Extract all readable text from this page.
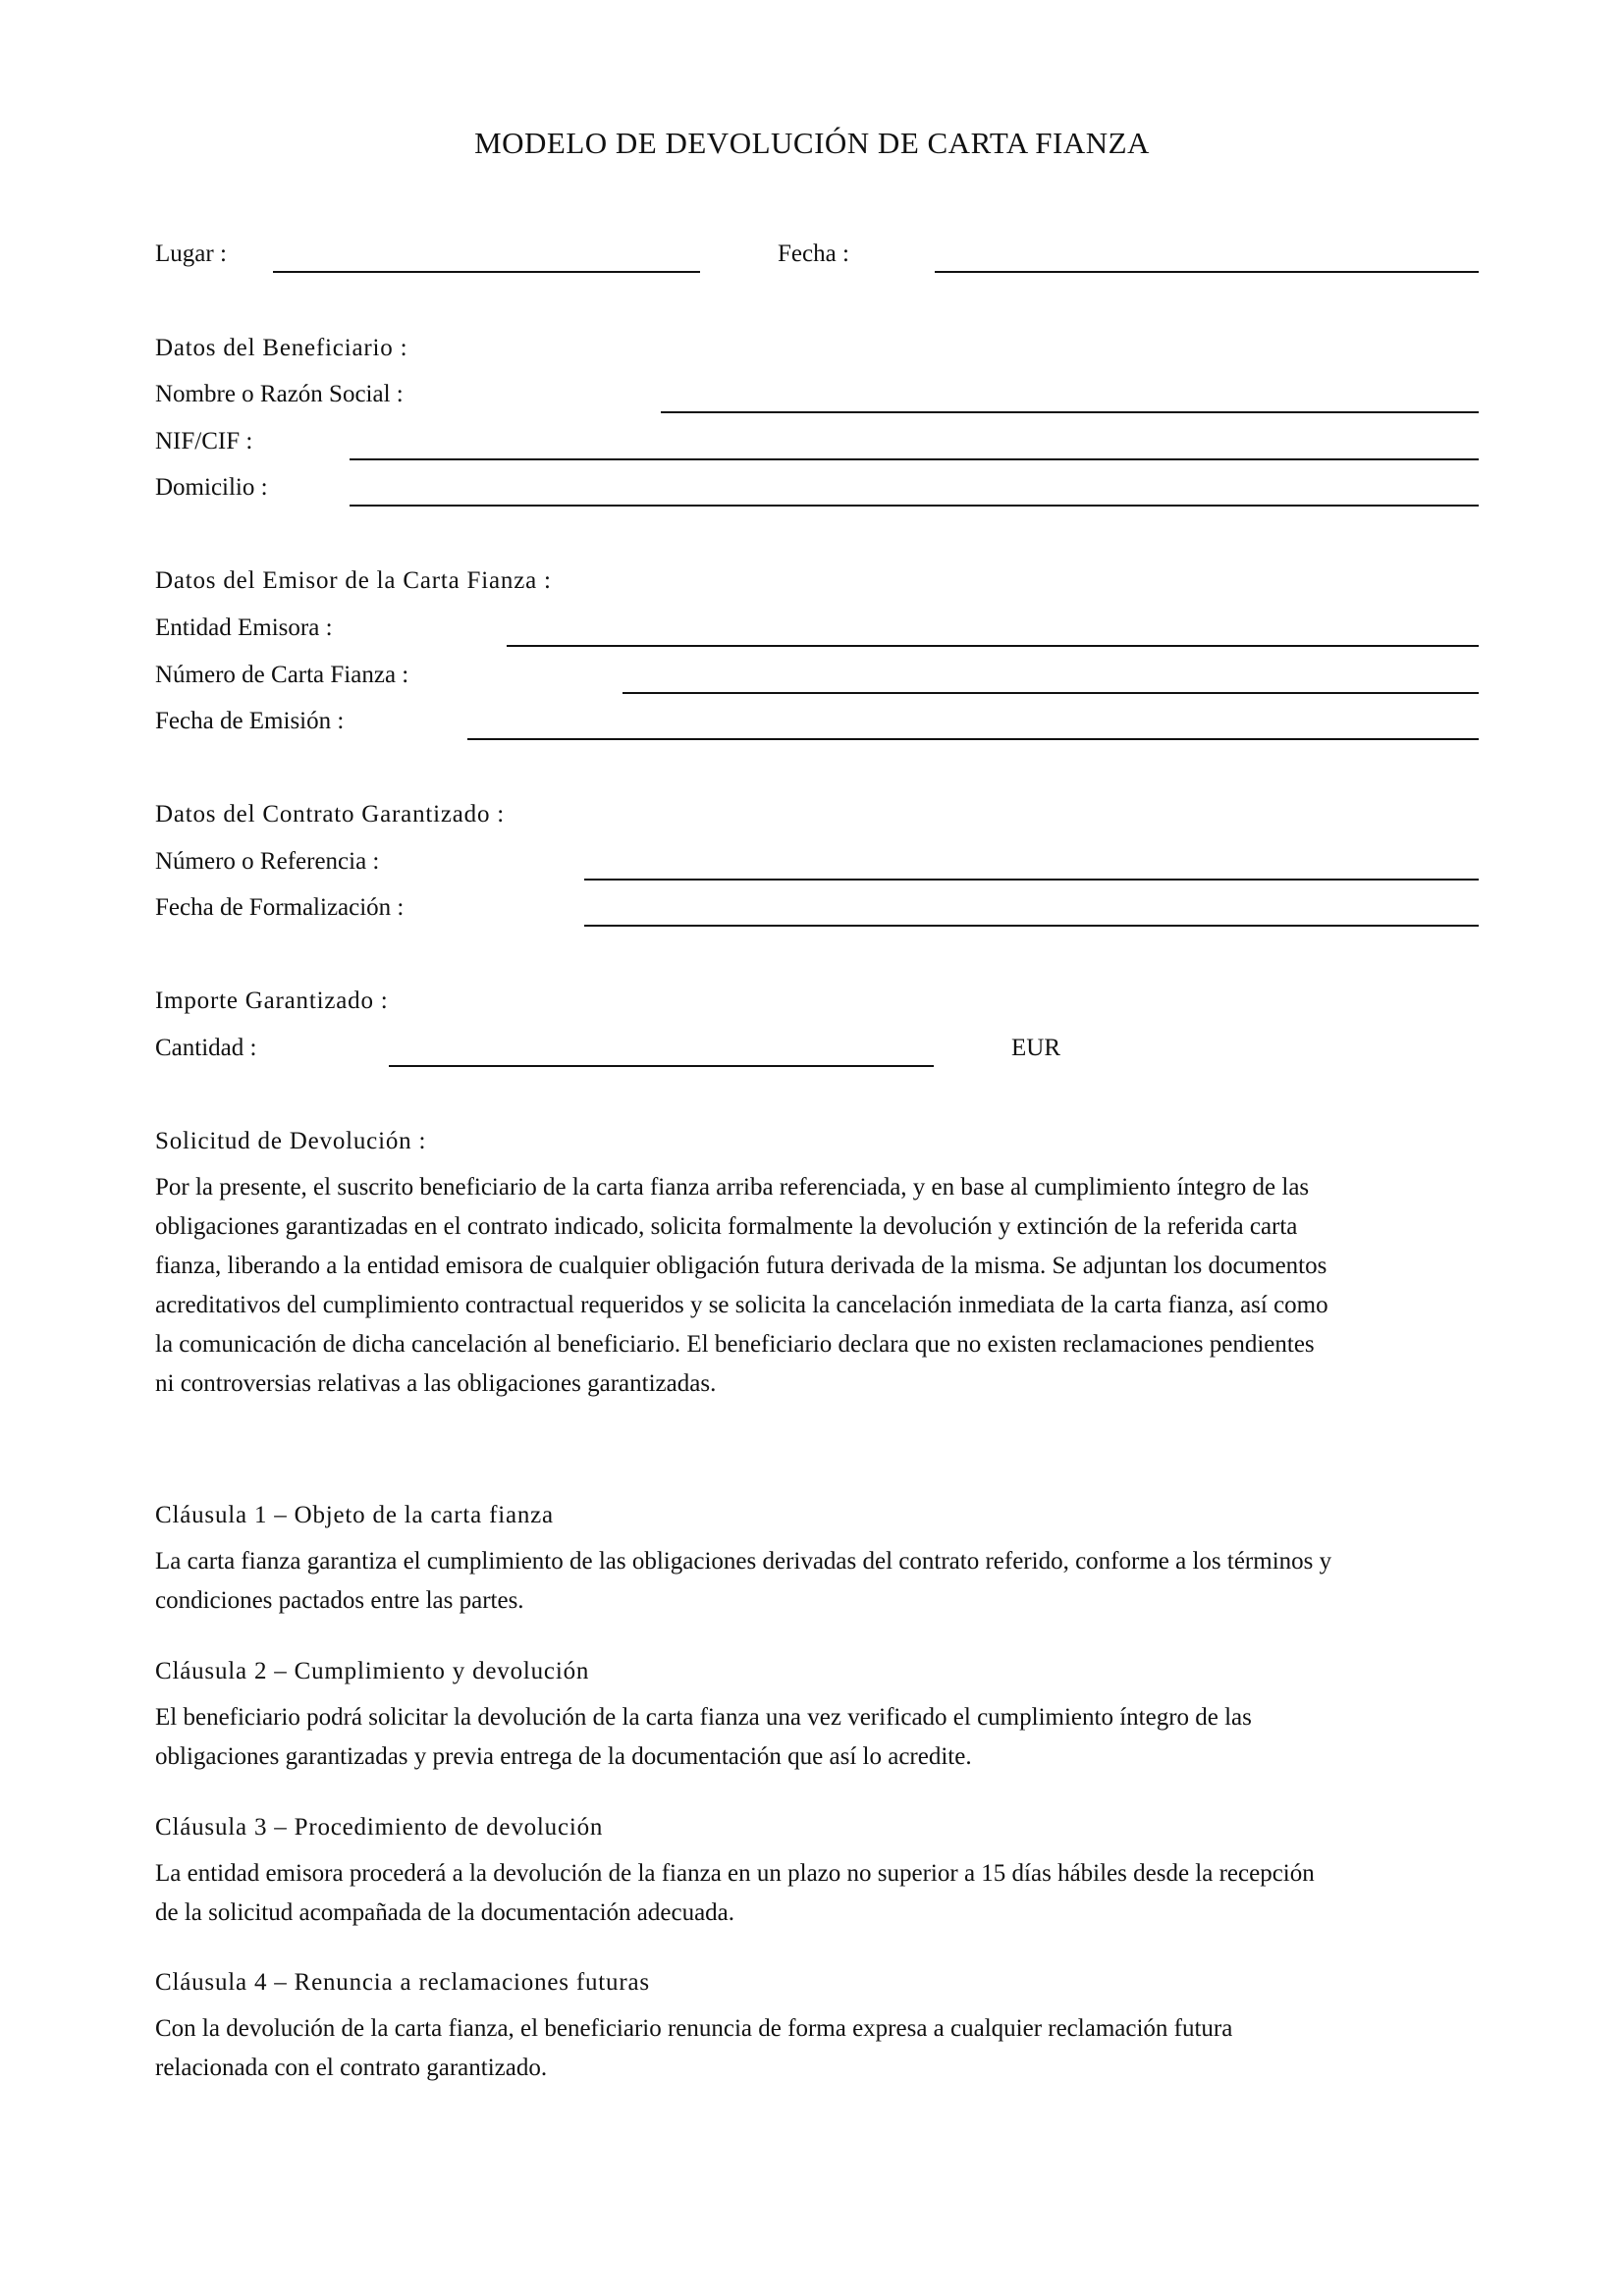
MODELO DE DEVOLUCIÓN DE CARTA FIANZA
Lugar :	Fecha :
Datos del Beneficiario :
Nombre o Razón Social :
NIF/CIF :
Domicilio :
Datos del Emisor de la Carta Fianza :
Entidad Emisora :
Número de Carta Fianza :
Fecha de Emisión :
Datos del Contrato Garantizado :
Número o Referencia :
Fecha de Formalización :
Importe Garantizado :
Cantidad :	EUR
Solicitud de Devolución :
Por la presente, el suscrito beneficiario de la carta fianza arriba referenciada, y en base al cumplimiento íntegro de las
obligaciones garantizadas en el contrato indicado, solicita formalmente la devolución y extinción de la referida carta
fianza, liberando a la entidad emisora de cualquier obligación futura derivada de la misma. Se adjuntan los documentos
acreditativos del cumplimiento contractual requeridos y se solicita la cancelación inmediata de la carta fianza, así como
la comunicación de dicha cancelación al beneficiario. El beneficiario declara que no existen reclamaciones pendientes
ni controversias relativas a las obligaciones garantizadas.
Cláusula 1 – Objeto de la carta fianza
La carta fianza garantiza el cumplimiento de las obligaciones derivadas del contrato referido, conforme a los términos y
condiciones pactados entre las partes.
Cláusula 2 – Cumplimiento y devolución
El beneficiario podrá solicitar la devolución de la carta fianza una vez verificado el cumplimiento íntegro de las
obligaciones garantizadas y previa entrega de la documentación que así lo acredite.
Cláusula 3 – Procedimiento de devolución
La entidad emisora procederá a la devolución de la fianza en un plazo no superior a 15 días hábiles desde la recepción
de la solicitud acompañada de la documentación adecuada.
Cláusula 4 – Renuncia a reclamaciones futuras
Con la devolución de la carta fianza, el beneficiario renuncia de forma expresa a cualquier reclamación futura
relacionada con el contrato garantizado.
